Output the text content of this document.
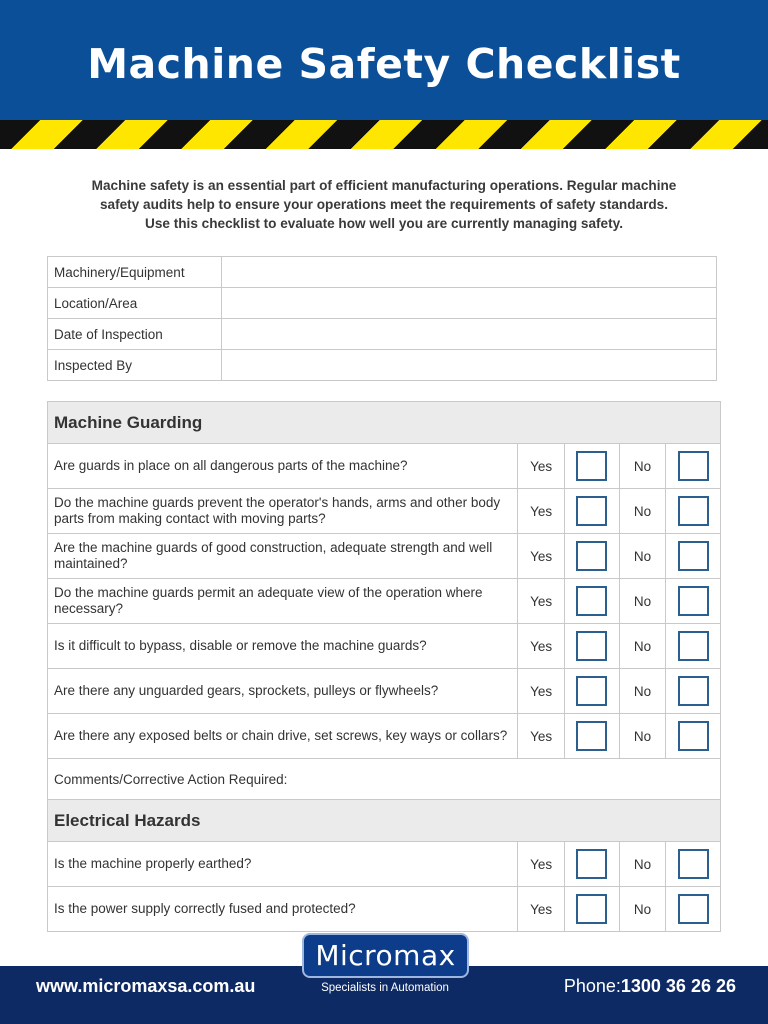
Machine Safety Checklist
Machine safety is an essential part of efficient manufacturing operations. Regular machine
safety audits help to ensure your operations meet the requirements of safety standards.
Use this checklist to evaluate how well you are currently managing safety.
Machinery/Equipment	
Location/Area	
Date of Inspection	
Inspected By	
Machine Guarding				
Are guards in place on all dangerous parts of the machine?	Yes		No	
Do the machine guards prevent the operator's hands, arms and other body parts from making contact with moving parts?	Yes		No	
Are the machine guards of good construction, adequate strength and well maintained?	Yes		No	
Do the machine guards permit an adequate view of the operation where necessary?	Yes		No	
Is it difficult to bypass, disable or remove the machine guards?	Yes		No	
Are there any unguarded gears, sprockets, pulleys or flywheels?	Yes		No	
Are there any exposed belts or chain drive, set screws, key ways or collars?	Yes		No	
Comments/Corrective Action Required:				
Electrical Hazards				
Is the machine properly earthed?	Yes		No	
Is the power supply correctly fused and protected?	Yes		No	
www.micromaxsa.com.au	Phone:1300 36 26 26
Micromax
Specialists in Automation
